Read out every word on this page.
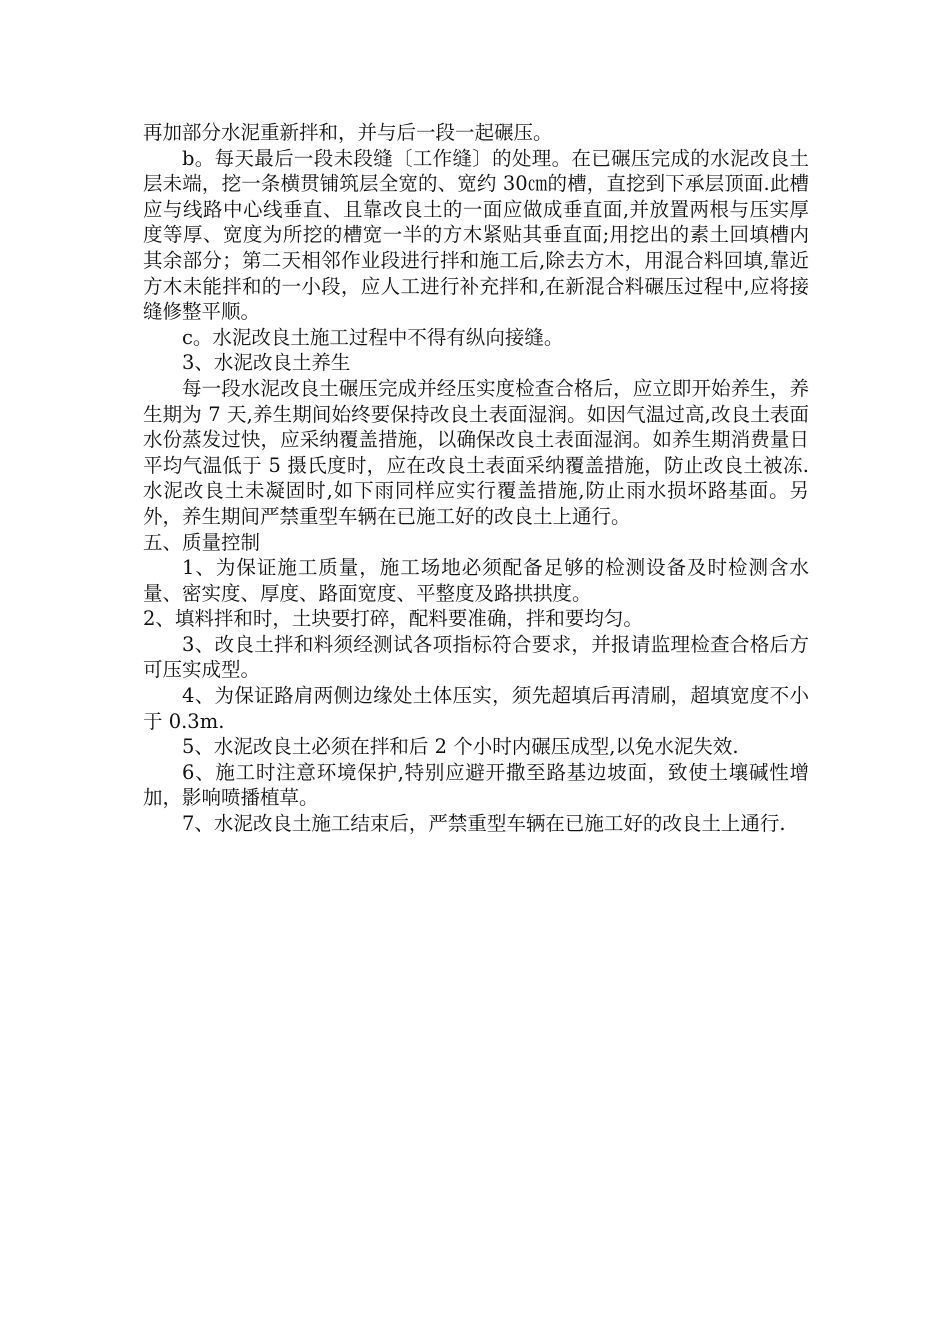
再加部分水泥重新拌和，并与后一段一起碾压。

b。每天最后一段未段缝〔工作缝〕的处理。在已碾压完成的水泥改良土层未端，挖一条横贯铺筑层全宽的、宽约 30㎝的槽，直挖到下承层顶面.此槽应与线路中心线垂直、且靠改良土的一面应做成垂直面,并放置两根与压实厚度等厚、宽度为所挖的槽宽一半的方木紧贴其垂直面;用挖出的素土回填槽内其余部分；第二天相邻作业段进行拌和施工后,除去方木，用混合料回填,靠近方木未能拌和的一小段，应人工进行补充拌和,在新混合料碾压过程中,应将接缝修整平顺。

c。水泥改良土施工过程中不得有纵向接缝。

3、水泥改良土养生

每一段水泥改良土碾压完成并经压实度检查合格后，应立即开始养生，养生期为 7 天,养生期间始终要保持改良土表面湿润。如因气温过高,改良土表面水份蒸发过快，应采纳覆盖措施，以确保改良土表面湿润。如养生期消费量日平均气温低于 5 摄氏度时，应在改良土表面采纳覆盖措施，防止改良土被冻.水泥改良土未凝固时,如下雨同样应实行覆盖措施,防止雨水损坏路基面。另外，养生期间严禁重型车辆在已施工好的改良土上通行。

五、质量控制

1、为保证施工质量，施工场地必须配备足够的检测设备及时检测含水量、密实度、厚度、路面宽度、平整度及路拱拱度。

2、填料拌和时，土块要打碎，配料要准确，拌和要均匀。

3、改良土拌和料须经测试各项指标符合要求，并报请监理检查合格后方可压实成型。

4、为保证路肩两侧边缘处土体压实，须先超填后再清刷，超填宽度不小于 0.3m.

5、水泥改良土必须在拌和后 2 个小时内碾压成型,以免水泥失效.

6、施工时注意环境保护,特别应避开撒至路基边坡面，致使土壤碱性增加，影响喷播植草。

7、水泥改良土施工结束后，严禁重型车辆在已施工好的改良土上通行.
